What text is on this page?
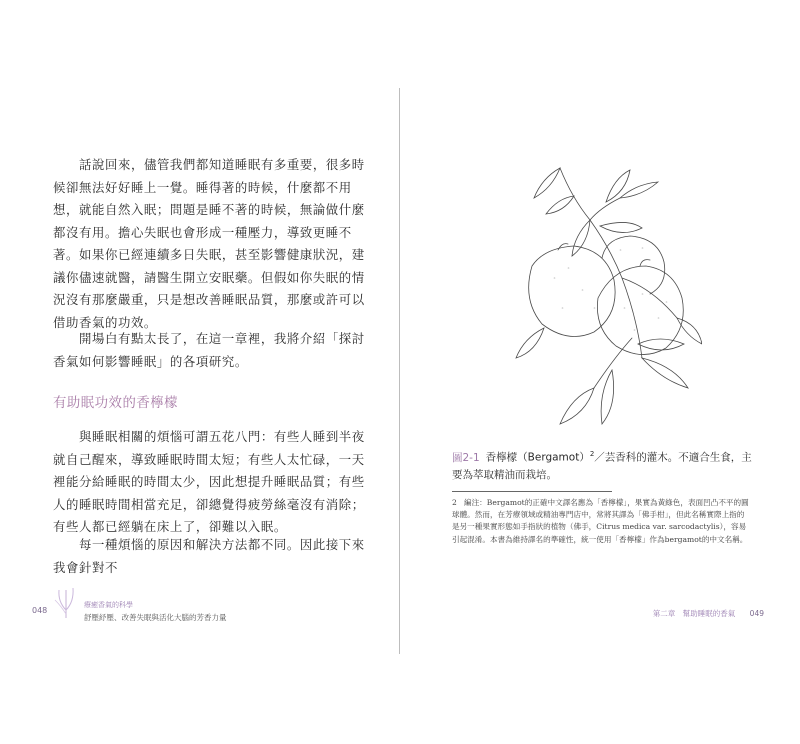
話說回來，儘管我們都知道睡眠有多重要，很多時候卻無法好好睡上一覺。睡得著的時候，什麼都不用想，就能自然入眠；問題是睡不著的時候，無論做什麼都沒有用。擔心失眠也會形成一種壓力，導致更睡不著。 如果你已經連續多日失眠，甚至影響健康狀況，建議你儘速就醫，請醫生開立安眠藥。但假如你失眠的情況沒有那麼嚴重，只是想改善睡眠品質，那麼或許可以借助香氣的功效。

開場白有點太長了，在這一章裡，我將介紹「探討香氣如何影響睡眠」的各項研究。

有助眠功效的香檸檬

與睡眠相關的煩惱可謂五花八門：有些人睡到半夜就自己醒來，導致睡眠時間太短；有些人太忙碌，一天裡能分給睡眠的時間太少，因此想提升睡眠品質；有些人的睡眠時間相當充足，卻總覺得疲勞絲毫沒有消除；有些人都已經躺在床上了，卻難以入眠。

每一種煩惱的原因和解決方法都不同。因此接下來我會針對不

048
療癒香氣的科學
舒壓紓壓、改善失眠與活化大腦的芳香力量

圖2-1 香檸檬（Bergamot）$^2$／芸香科的灌木。不適合生食，主要為萃取精油而栽培。

2 編注：Bergamot的正確中文譯名應為「香檸檬」，果實為黃綠色，表面凹凸不平的圓球體。然而，在芳療領域或精油專門店中，常將其譯為「佛手柑」，但此名稱實際上指的是另一種果實形態如手指狀的植物（佛手，Citrus medica var. sarcodactylis），容易引起混淆。本書為維持譯名的準確性，統一使用「香檸檬」作為bergamot的中文名稱。

第二章　幫助睡眠的香氣 049
